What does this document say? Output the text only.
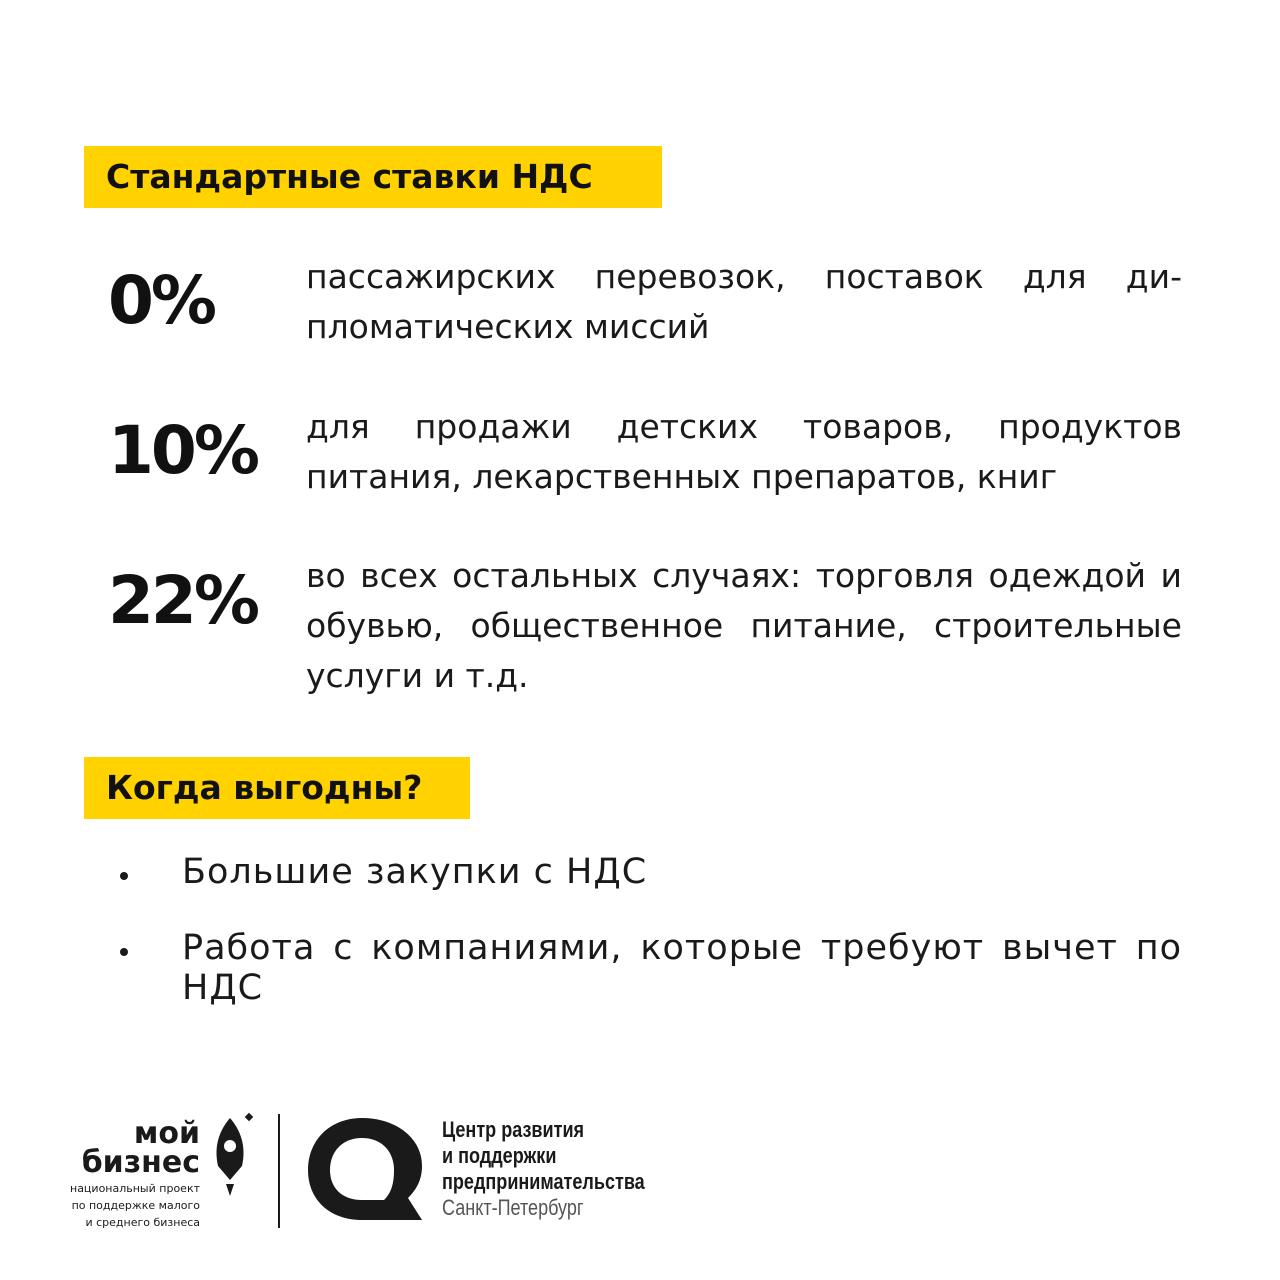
Стандартные ставки НДС
0%	пассажирских перевозок, поставок для дипломатических миссий
10% для продажи детских товаров, продуктов питания, лекарственных препаратов, книг
22% во всех остальных случаях: торговля одеждой и обувью, общественное питание, строительные услуги и т.д.
Когда выгодны?
Большие закупки с НДС
Работа с компаниями, которые требуют вычет по НДС
мой
бизнес
национальный проект
по поддержке малого
и среднего бизнеса
Центр развития
и поддержки
предпринимательства
Санкт-Петербург
